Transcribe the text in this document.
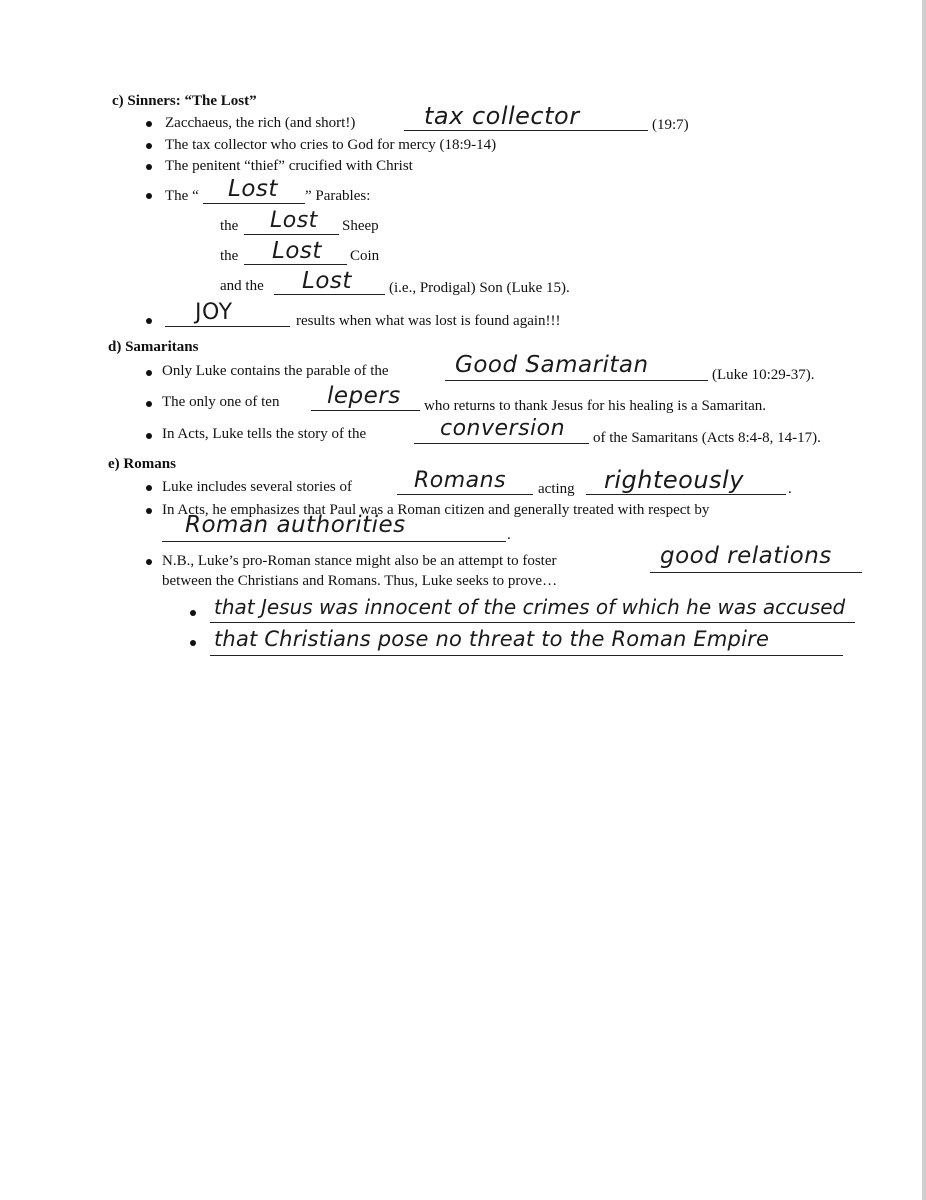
c) Sinners: “The Lost”
Zacchaeus, the rich (and short!)	tax collector	(19:7)
The tax collector who cries to God for mercy (18:9-14)
The penitent “thief” crucified with Christ
The “ Lost ” Parables:
the Lost Sheep
the Lost Coin
and the Lost (i.e., Prodigal) Son (Luke 15).
JOY	results when what was lost is found again!!!
d) Samaritans
Only Luke contains the parable of the	Good Samaritan	(Luke 10:29-37).
The only one of ten lepers who returns to thank Jesus for his healing is a Samaritan.
In Acts, Luke tells the story of the	conversion of the Samaritans (Acts 8:4-8, 14-17).
e) Romans
Luke includes several stories of	Romans acting righteously	.
In Acts, he emphasizes that Paul was a Roman citizen and generally treated with respect by
Roman authorities	.
N.B., Luke’s pro-Roman stance might also be an attempt to foster	good relations
between the Christians and Romans. Thus, Luke seeks to prove…
that Jesus was innocent of the crimes of which he was accused
that Christians pose no threat to the Roman Empire
